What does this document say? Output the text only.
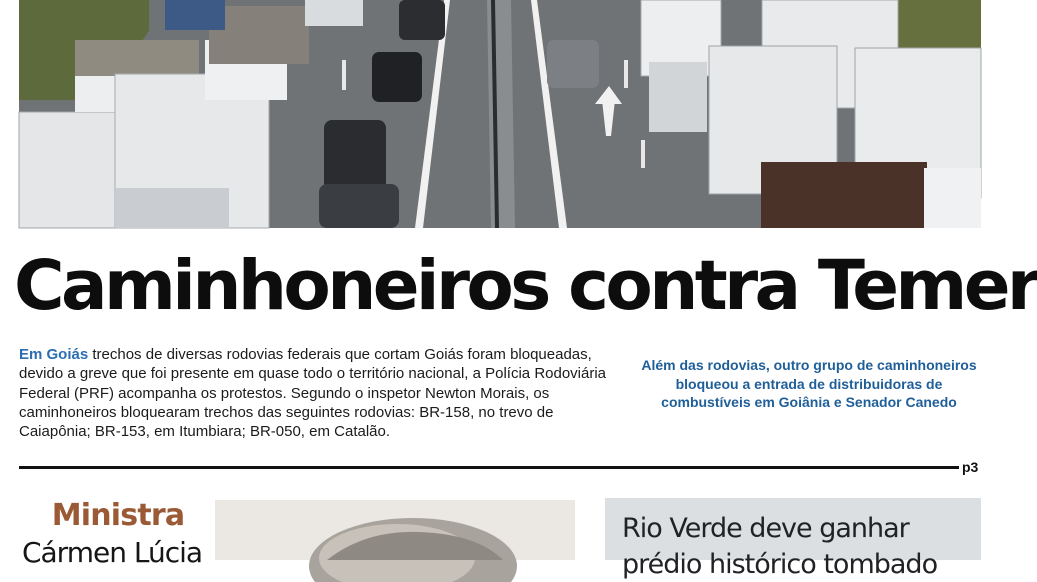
Caminhoneiros contra Temer

Em Goiás trechos de diversas rodovias federais que cortam Goiás foram bloqueadas, devido a greve que foi presente em quase todo o território nacional, a Polícia Rodoviária Federal (PRF) acompanha os protestos. Segundo o inspetor Newton Morais, os caminhoneiros bloquearam trechos das seguintes rodovias: BR-158, no trevo de Caiapônia; BR-153, em Itumbiara; BR-050, em Catalão.

Além das rodovias, outro grupo de caminhoneiros bloqueou a entrada de distribuidoras de combustíveis em Goiânia e Senador Canedo

p3
Ministra
Cármen Lúcia

Rio Verde deve ganhar

prédio histórico tombado
